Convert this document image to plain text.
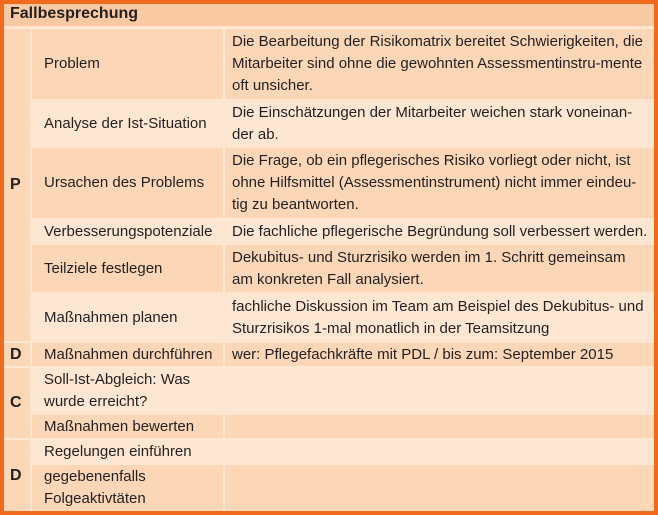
Fallbesprechung
P	Problem	Die Bearbeitung der Risikomatrix bereitet Schwierigkeiten, die Mitarbeiter sind ohne die gewohnten Assessmentinstru-mente oft unsicher.
	Analyse der Ist-Situation	Die Einschätzungen der Mitarbeiter weichen stark voneinan-der ab.
	Ursachen des Problems	Die Frage, ob ein pflegerisches Risiko vorliegt oder nicht, ist ohne Hilfsmittel (Assessmentinstrument) nicht immer eindeu-tig zu beantworten.
	Verbesserungspotenziale	Die fachliche pflegerische Begründung soll verbessert werden.
	Teilziele festlegen	Dekubitus- und Sturzrisiko werden im 1. Schritt gemeinsam am konkreten Fall analysiert.
	Maßnahmen planen	fachliche Diskussion im Team am Beispiel des Dekubitus- und Sturzrisikos 1-mal monatlich in der Teamsitzung
D	Maßnahmen durchführen	wer: Pflegefachkräfte mit PDL / bis zum: September 2015
C	Soll-Ist-Abgleich: Was wurde erreicht?	
	Maßnahmen bewerten	
D	Regelungen einführen	
	gegebenenfalls Folgeaktivtäten	
